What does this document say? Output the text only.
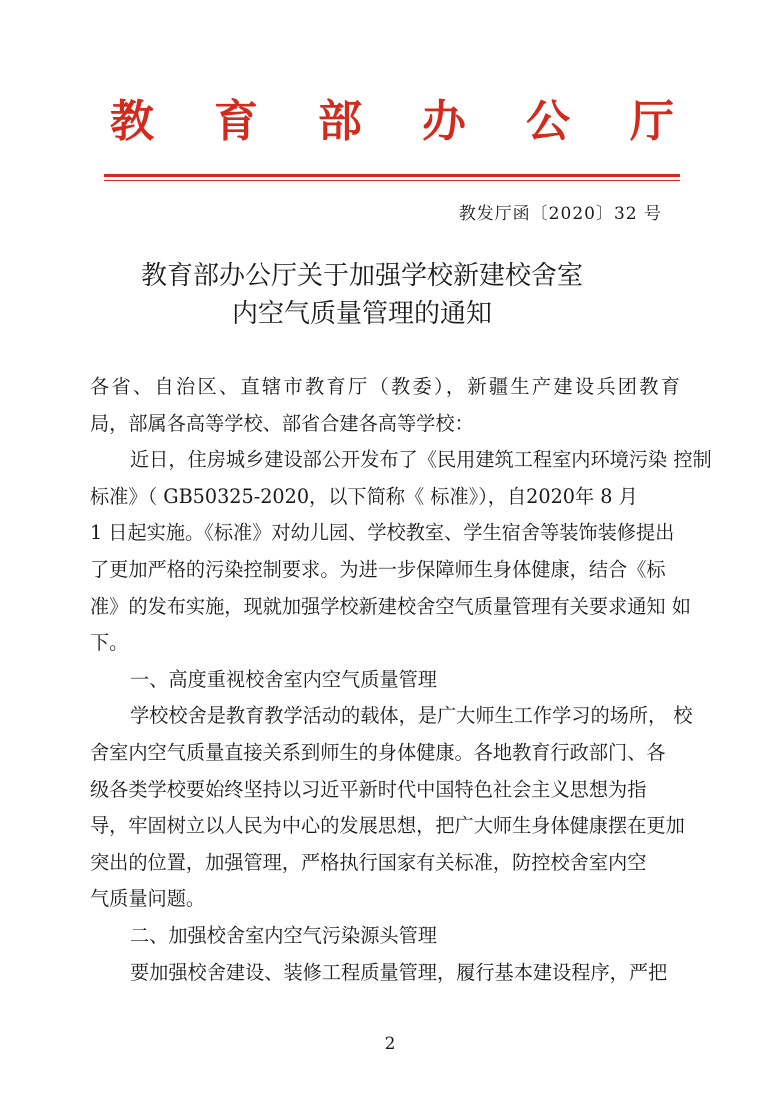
教 育 部 办 公 厅
教发厅函〔2020〕32 号
教育部办公厅关于加强学校新建校舍室
内空气质量管理的通知
各省、自治区、直辖市教育厅（教委），新疆生产建设兵团教育
局，部属各高等学校、部省合建各高等学校：
近日，住房城乡建设部公开发布了《民用建筑工程室内环境污染 控制
标准》（ GB50325-2020，以下简称《 标准》），自2020年 8 月
1 日起实施。《标准》对幼儿园、学校教室、学生宿舍等装饰装修提出
了更加严格的污染控制要求。为进一步保障师生身体健康，结合《标
准》的发布实施，现就加强学校新建校舍空气质量管理有关要求通知 如
下。
一、高度重视校舍室内空气质量管理
学校校舍是教育教学活动的载体，是广大师生工作学习的场所， 校
舍室内空气质量直接关系到师生的身体健康。各地教育行政部门、各
级各类学校要始终坚持以习近平新时代中国特色社会主义思想为指
导，牢固树立以人民为中心的发展思想，把广大师生身体健康摆在更加
突出的位置，加强管理，严格执行国家有关标准，防控校舍室内空
气质量问题。
二、加强校舍室内空气污染源头管理
要加强校舍建设、装修工程质量管理，履行基本建设程序，严把
2
